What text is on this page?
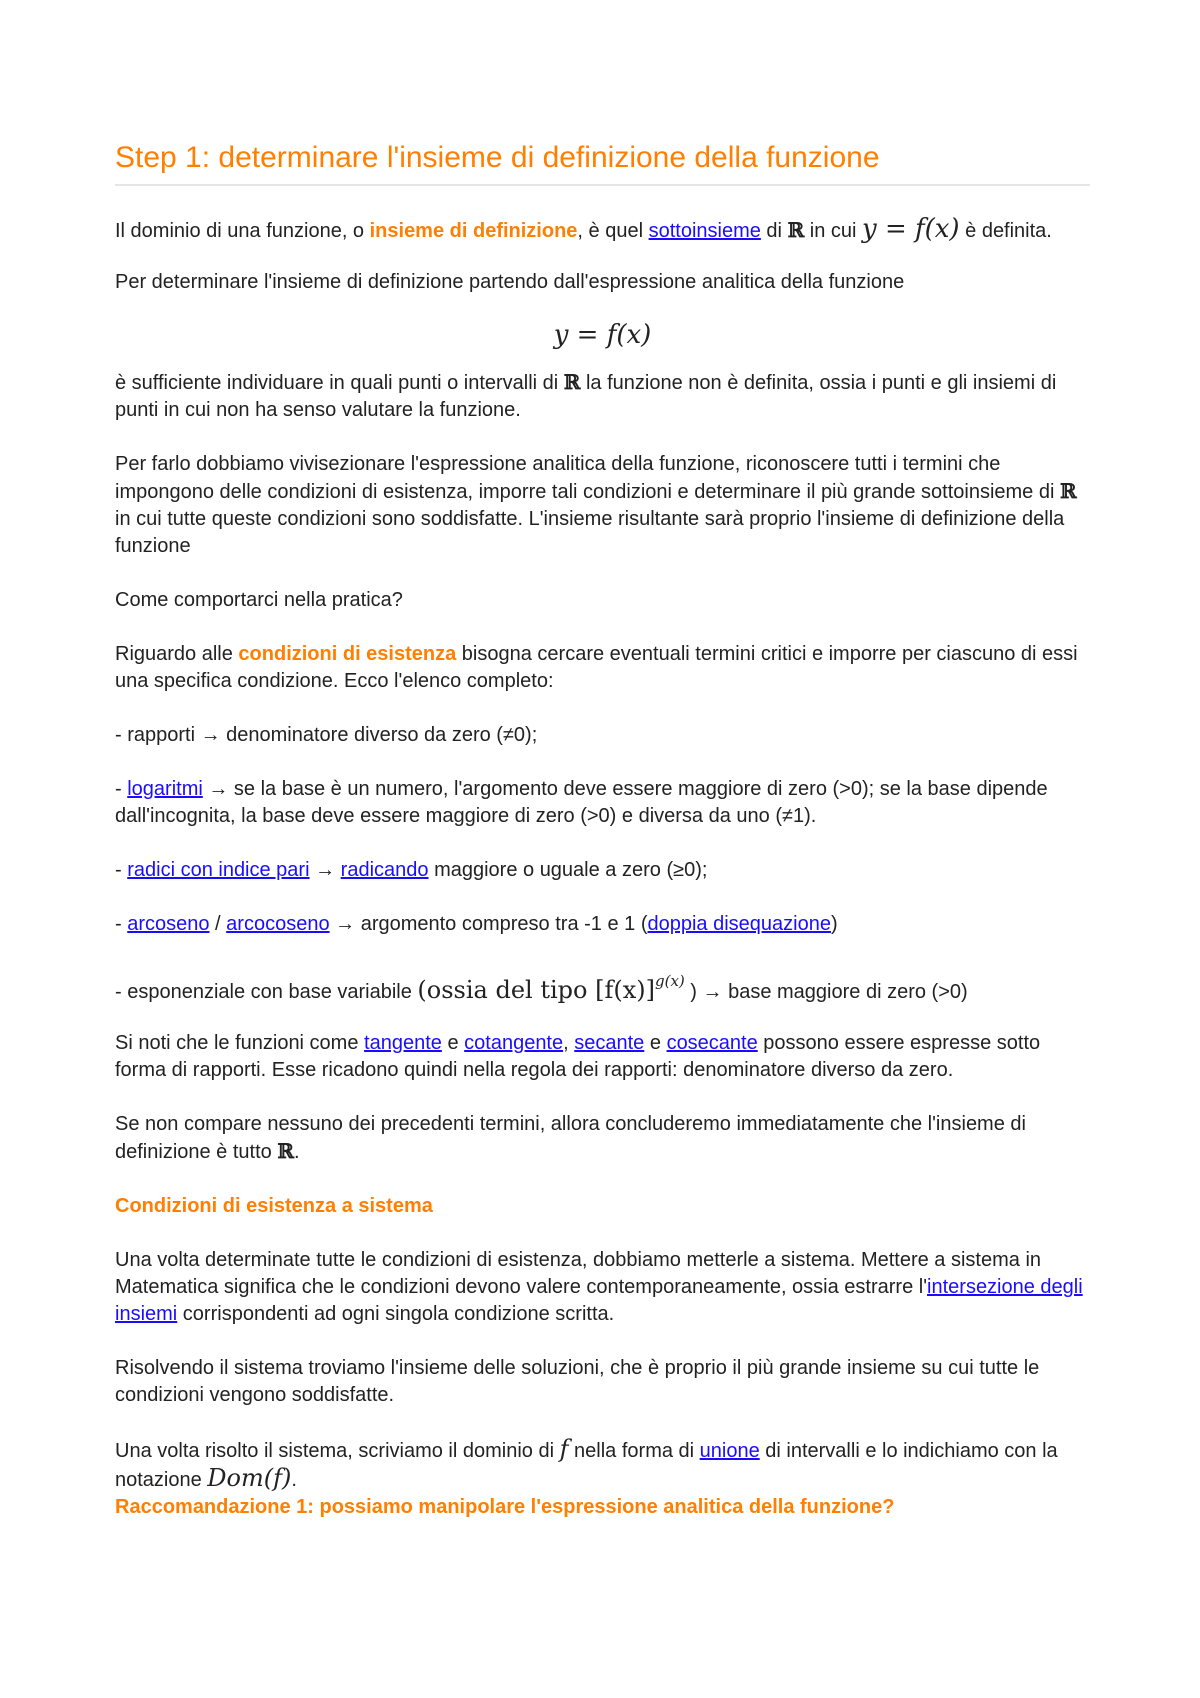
Step 1: determinare l'insieme di definizione della funzione

Il dominio di una funzione, o insieme di definizione, è quel sottoinsieme di ℝ in cui y = f(x) è definita.

Per determinare l'insieme di definizione partendo dall'espressione analitica della funzione

y = f(x)

è sufficiente individuare in quali punti o intervalli di ℝ la funzione non è definita, ossia i punti e gli insiemi di punti in cui non ha senso valutare la funzione.

Per farlo dobbiamo vivisezionare l'espressione analitica della funzione, riconoscere tutti i termini che impongono delle condizioni di esistenza, imporre tali condizioni e determinare il più grande sottoinsieme di ℝ in cui tutte queste condizioni sono soddisfatte. L'insieme risultante sarà proprio l'insieme di definizione della funzione

Come comportarci nella pratica?

Riguardo alle condizioni di esistenza bisogna cercare eventuali termini critici e imporre per ciascuno di essi una specifica condizione. Ecco l'elenco completo:

- rapporti → denominatore diverso da zero (≠0);

- logaritmi → se la base è un numero, l'argomento deve essere maggiore di zero (>0); se la base dipende dall'incognita, la base deve essere maggiore di zero (>0) e diversa da uno (≠1).

- radici con indice pari → radicando maggiore o uguale a zero (≥0);

- arcoseno / arcocoseno → argomento compreso tra -1 e 1 (doppia disequazione)

- esponenziale con base variabile (ossia del tipo $[f(x)]^{g(x)}$ ) → base maggiore di zero (>0)

Si noti che le funzioni come tangente e cotangente, secante e cosecante possono essere espresse sotto forma di rapporti. Esse ricadono quindi nella regola dei rapporti: denominatore diverso da zero.

Se non compare nessuno dei precedenti termini, allora concluderemo immediatamente che l'insieme di definizione è tutto ℝ.

Condizioni di esistenza a sistema

Una volta determinate tutte le condizioni di esistenza, dobbiamo metterle a sistema. Mettere a sistema in Matematica significa che le condizioni devono valere contemporaneamente, ossia estrarre l'intersezione degli insiemi corrispondenti ad ogni singola condizione scritta.

Risolvendo il sistema troviamo l'insieme delle soluzioni, che è proprio il più grande insieme su cui tutte le condizioni vengono soddisfatte.

Una volta risolto il sistema, scriviamo il dominio di f nella forma di unione di intervalli e lo indichiamo con la notazione Dom(f).

Raccomandazione 1: possiamo manipolare l'espressione analitica della funzione?
